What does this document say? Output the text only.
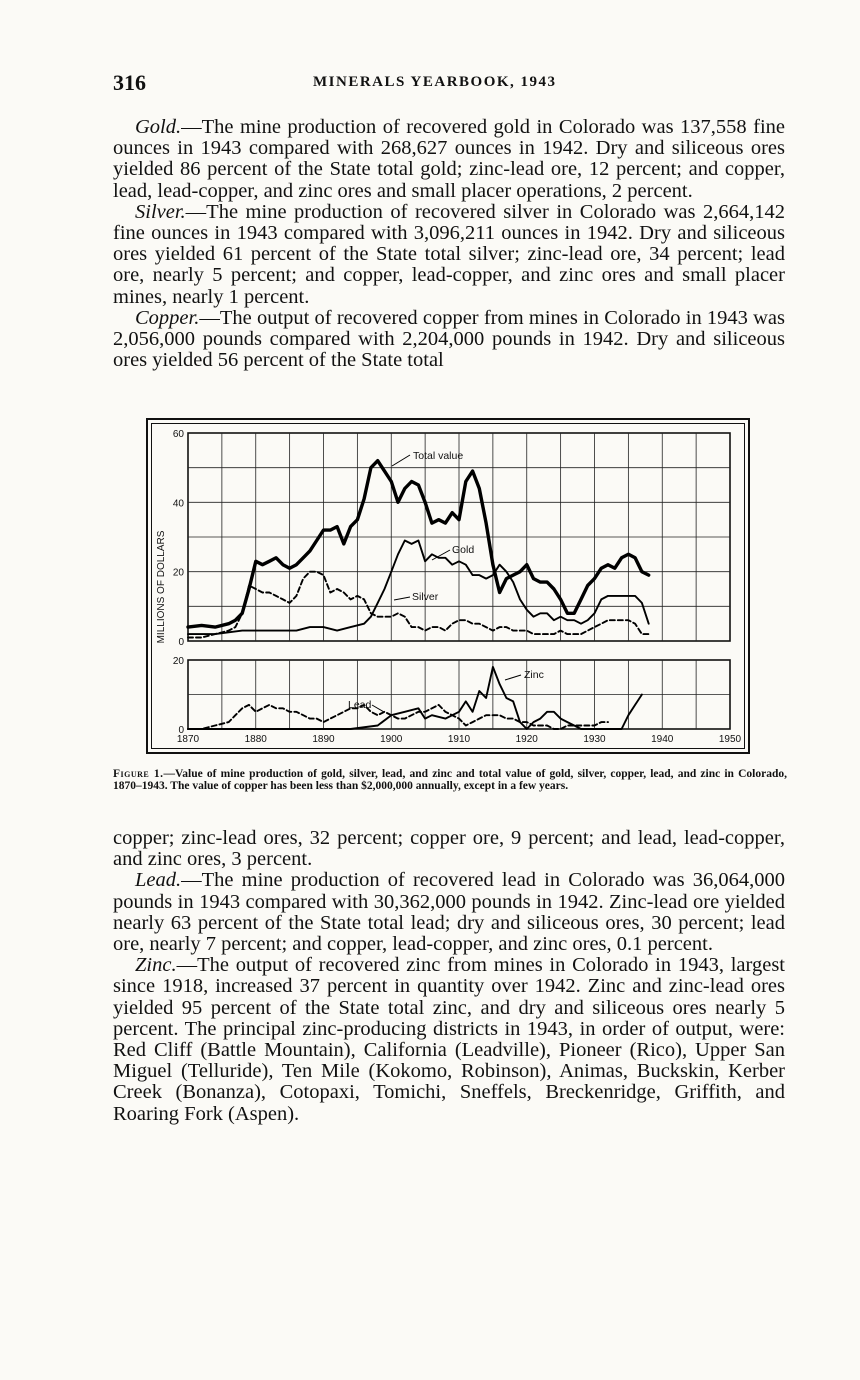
316	MINERALS YEARBOOK, 1943

Gold.—The mine production of recovered gold in Colorado was 137,558 fine ounces in 1943 compared with 268,627 ounces in 1942. Dry and siliceous ores yielded 86 percent of the State total gold; zinc-lead ore, 12 percent; and copper, lead, lead-copper, and zinc ores and small placer operations, 2 percent.

Silver.—The mine production of recovered silver in Colorado was 2,664,142 fine ounces in 1943 compared with 3,096,211 ounces in 1942. Dry and siliceous ores yielded 61 percent of the State total silver; zinc-lead ore, 34 percent; lead ore, nearly 5 percent; and copper, lead-copper, and zinc ores and small placer mines, nearly 1 percent.

Copper.—The output of recovered copper from mines in Colorado in 1943 was 2,056,000 pounds compared with 2,204,000 pounds in 1942. Dry and siliceous ores yielded 56 percent of the State total

0
20
40
60
0
20
1870	1880	1890	1900	1910	1920	1930	1940	1950
MILLIONS OF DOLLARS
Total value
Gold
Silver
Zinc
Lead
Figure 1.—Value of mine production of gold, silver, lead, and zinc and total value of gold, silver, copper, lead, and zinc in Colorado, 1870–1943. The value of copper has been less than $2,000,000 annually, except in a few years.

copper; zinc-lead ores, 32 percent; copper ore, 9 percent; and lead, lead-copper, and zinc ores, 3 percent.

Lead.—The mine production of recovered lead in Colorado was 36,064,000 pounds in 1943 compared with 30,362,000 pounds in 1942. Zinc-lead ore yielded nearly 63 percent of the State total lead; dry and siliceous ores, 30 percent; lead ore, nearly 7 percent; and copper, lead-copper, and zinc ores, 0.1 percent.

Zinc.—The output of recovered zinc from mines in Colorado in 1943, largest since 1918, increased 37 percent in quantity over 1942. Zinc and zinc-lead ores yielded 95 percent of the State total zinc, and dry and siliceous ores nearly 5 percent. The principal zinc-producing districts in 1943, in order of output, were: Red Cliff (Battle Mountain), California (Leadville), Pioneer (Rico), Upper San Miguel (Telluride), Ten Mile (Kokomo, Robinson), Animas, Buckskin, Kerber Creek (Bonanza), Cotopaxi, Tomichi, Sneffels, Breckenridge, Griffith, and Roaring Fork (Aspen).
